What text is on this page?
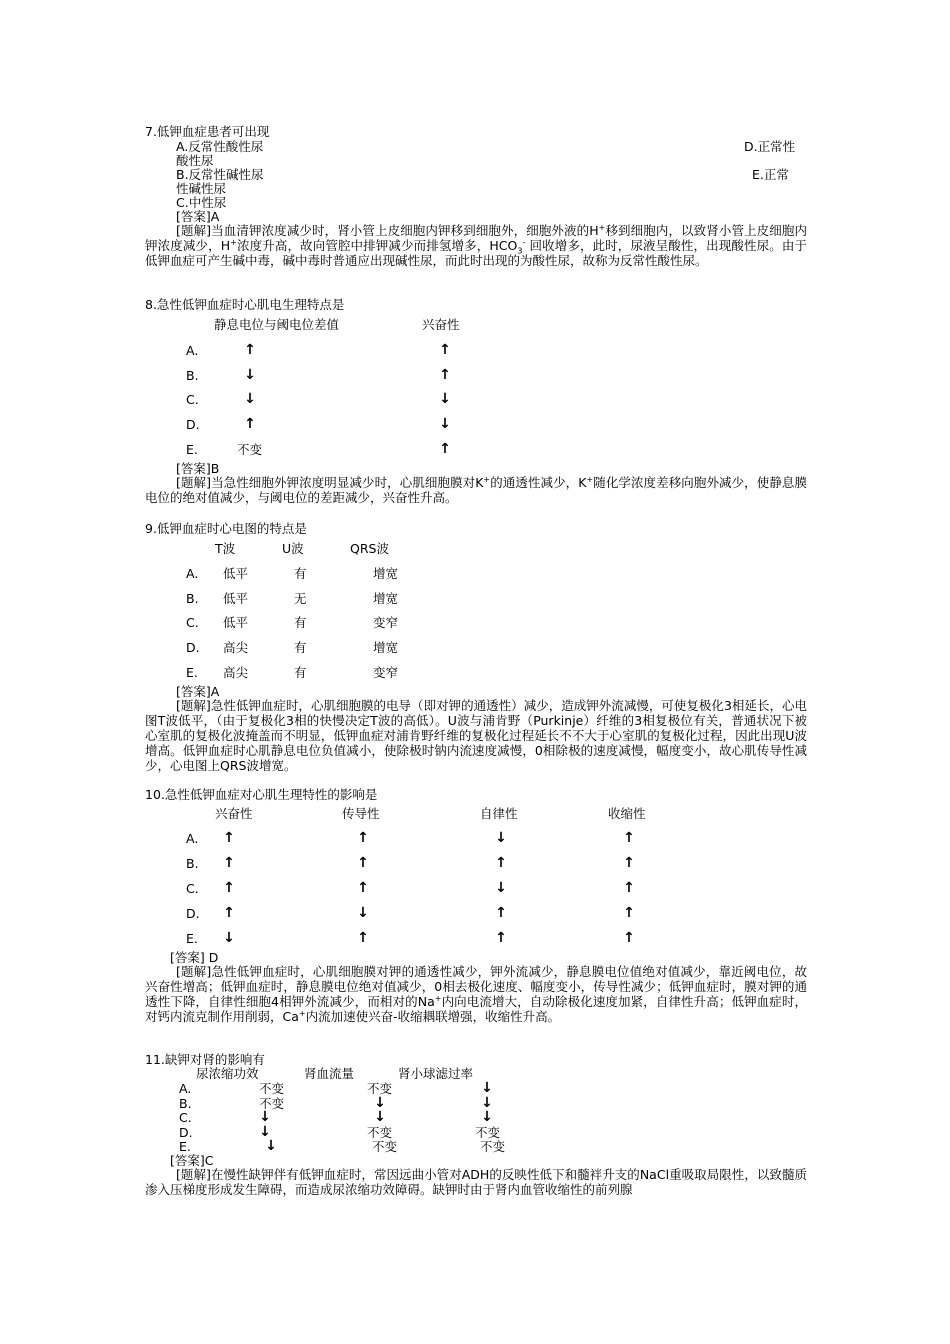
7.低钾血症患者可出现
A.反常性酸性尿	D.正常性
酸性尿
B.反常性碱性尿	E.正常
性碱性尿
C.中性尿
[答案]A
[题解]当血清钾浓度减少时，肾小管上皮细胞内钾移到细胞外，细胞外液的H+移到细胞内，以致肾小管上皮细胞内钾浓度减少，H+浓度升高，故向管腔中排钾减少而排氢增多，$HCO_3^-$ 回收增多，此时，尿液呈酸性，出现酸性尿。由于低钾血症可产生碱中毒，碱中毒时普通应出现碱性尿，而此时出现的为酸性尿，故称为反常性酸性尿。
8.急性低钾血症时心肌电生理特点是
静息电位与阈电位差值	兴奋性
A.	↑	↑
B.	↓	↑
C.	↓	↓
D.	↑	↓
E.	不变	↑
[答案]B
[题解]当急性细胞外钾浓度明显减少时，心肌细胞膜对K+的通透性减少，K+随化学浓度差移向胞外减少，使静息膜电位的绝对值减少，与阈电位的差距减少，兴奋性升高。
9.低钾血症时心电图的特点是
T波	U波	QRS波
A. 低平	有	增宽
B. 低平	无	增宽
C. 低平	有	变窄
D. 高尖	有	增宽
E. 高尖	有	变窄
[答案]A
[题解]急性低钾血症时，心肌细胞膜的电导（即对钾的通透性）减少，造成钾外流减慢，可使复极化3相延长，心电图T波低平，（由于复极化3相的快慢决定T波的高低）。U波与浦肯野（Purkinje）纤维的3相复极位有关，普通状况下被心室肌的复极化波掩盖而不明显，低钾血症对浦肯野纤维的复极化过程延长不不大于心室肌的复极化过程，因此出现U波增高。低钾血症时心肌静息电位负值减小，使除极时钠内流速度减慢，0相除极的速度减慢，幅度变小，故心肌传导性减少，心电图上QRS波增宽。
10.急性低钾血症对心肌生理特性的影响是
兴奋性	传导性	自律性	收缩性
A.	↑	↑	↓	↑
B.	↑	↑	↑	↑
C.	↑	↑	↓	↑
D.	↑	↓	↑	↑
E.	↓	↑	↑	↑
[答案] D
[题解]急性低钾血症时，心肌细胞膜对钾的通透性减少，钾外流减少，静息膜电位值绝对值减少，靠近阈电位，故兴奋性增高；低钾血症时，静息膜电位绝对值减少，0相去极化速度、幅度变小，传导性减少；低钾血症时，膜对钾的通透性下降，自律性细胞4相钾外流减少，而相对的Na+内向电流增大，自动除极化速度加紧，自律性升高；低钾血症时，对钙内流克制作用削弱，Ca+内流加速使兴奋-收缩耦联增强，收缩性升高。
11.缺钾对肾的影响有
尿浓缩功效	肾血流量	肾小球滤过率
A.	不变	不变	↓
B.	不变	↓	↓
C.	↓	↓	↓
D.	↓	不变	不变
E.	↓	不变	不变
[答案]C
[题解]在慢性缺钾伴有低钾血症时，常因远曲小管对ADH的反映性低下和髓袢升支的NaCl重吸取局限性，以致髓质渗入压梯度形成发生障碍，而造成尿浓缩功效障碍。缺钾时由于肾内血管收缩性的前列腺
